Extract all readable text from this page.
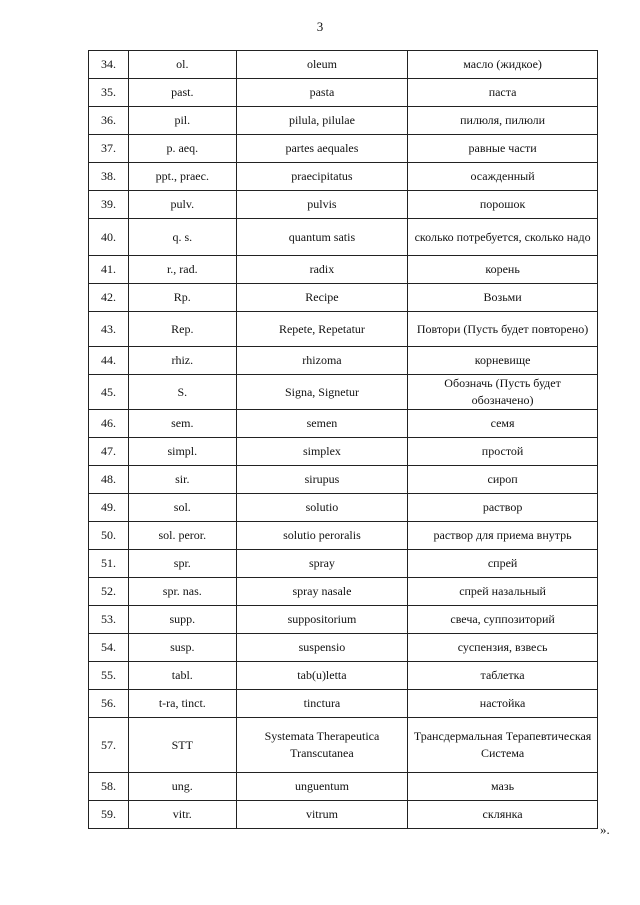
3
34.	ol.	oleum	масло (жидкое)
35.	past.	pasta	паста
36.	pil.	pilula, pilulae	пилюля, пилюли
37.	p. aeq.	partes aequales	равные части
38.	ppt., praec.	praecipitatus	осажденный
39.	pulv.	pulvis	порошок
40.	q. s.	quantum satis	сколько потребуется, сколько надо
41.	r., rad.	radix	корень
42.	Rp.	Recipe	Возьми
43.	Rep.	Repete, Repetatur	Повтори (Пусть будет повторено)
44.	rhiz.	rhizoma	корневище
45.	S.	Signa, Signetur	Обозначь (Пусть будет обозначено)
46.	sem.	semen	семя
47.	simpl.	simplex	простой
48.	sir.	sirupus	сироп
49.	sol.	solutio	раствор
50.	sol. peror.	solutio peroralis	раствор для приема внутрь
51.	spr.	spray	спрей
52.	spr. nas.	spray nasale	спрей назальный
53.	supp.	suppositorium	свеча, суппозиторий
54.	susp.	suspensio	суспензия, взвесь
55.	tabl.	tab(u)letta	таблетка
56.	t-ra, tinct.	tinctura	настойка
57.	STT	Systemata Therapeutica Transcutanea	Трансдермальная Терапевтическая Система
58.	ung.	unguentum	мазь
59.	vitr.	vitrum	склянка
».
